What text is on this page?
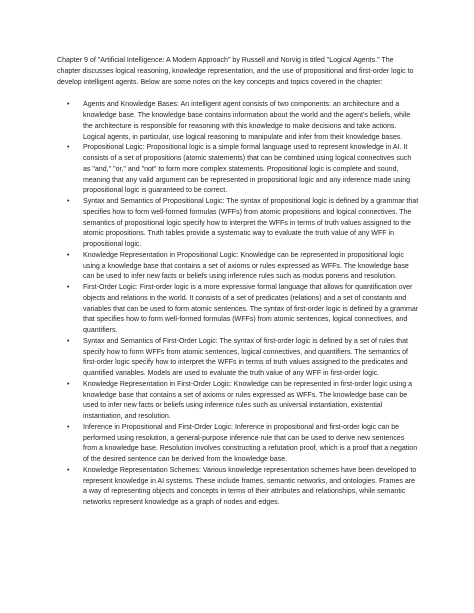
Chapter 9 of "Artificial Intelligence: A Modern Approach" by Russell and Norvig is titled "Logical Agents." The chapter discusses logical reasoning, knowledge representation, and the use of propositional and first-order logic to develop intelligent agents. Below are some notes on the key concepts and topics covered in the chapter:

• Agents and Knowledge Bases: An intelligent agent consists of two components: an architecture and a knowledge base. The knowledge base contains information about the world and the agent's beliefs, while the architecture is responsible for reasoning with this knowledge to make decisions and take actions. Logical agents, in particular, use logical reasoning to manipulate and infer from their knowledge bases.
• Propositional Logic: Propositional logic is a simple formal language used to represent knowledge in AI. It consists of a set of propositions (atomic statements) that can be combined using logical connectives such as "and," "or," and "not" to form more complex statements. Propositional logic is complete and sound, meaning that any valid argument can be represented in propositional logic and any inference made using propositional logic is guaranteed to be correct.
• Syntax and Semantics of Propositional Logic: The syntax of propositional logic is defined by a grammar that specifies how to form well-formed formulas (WFFs) from atomic propositions and logical connectives. The semantics of propositional logic specify how to interpret the WFFs in terms of truth values assigned to the atomic propositions. Truth tables provide a systematic way to evaluate the truth value of any WFF in propositional logic.
• Knowledge Representation in Propositional Logic: Knowledge can be represented in propositional logic using a knowledge base that contains a set of axioms or rules expressed as WFFs. The knowledge base can be used to infer new facts or beliefs using inference rules such as modus ponens and resolution.
• First-Order Logic: First-order logic is a more expressive formal language that allows for quantification over objects and relations in the world. It consists of a set of predicates (relations) and a set of constants and variables that can be used to form atomic sentences. The syntax of first-order logic is defined by a grammar that specifies how to form well-formed formulas (WFFs) from atomic sentences, logical connectives, and quantifiers.
• Syntax and Semantics of First-Order Logic: The syntax of first-order logic is defined by a set of rules that specify how to form WFFs from atomic sentences, logical connectives, and quantifiers. The semantics of first-order logic specify how to interpret the WFFs in terms of truth values assigned to the predicates and quantified variables. Models are used to evaluate the truth value of any WFF in first-order logic.
• Knowledge Representation in First-Order Logic: Knowledge can be represented in first-order logic using a knowledge base that contains a set of axioms or rules expressed as WFFs. The knowledge base can be used to infer new facts or beliefs using inference rules such as universal instantiation, existential instantiation, and resolution.
• Inference in Propositional and First-Order Logic: Inference in propositional and first-order logic can be performed using resolution, a general-purpose inference rule that can be used to derive new sentences from a knowledge base. Resolution involves constructing a refutation proof, which is a proof that a negation of the desired sentence can be derived from the knowledge base.
• Knowledge Representation Schemes: Various knowledge representation schemes have been developed to represent knowledge in AI systems. These include frames, semantic networks, and ontologies. Frames are a way of representing objects and concepts in terms of their attributes and relationships, while semantic networks represent knowledge as a graph of nodes and edges.
